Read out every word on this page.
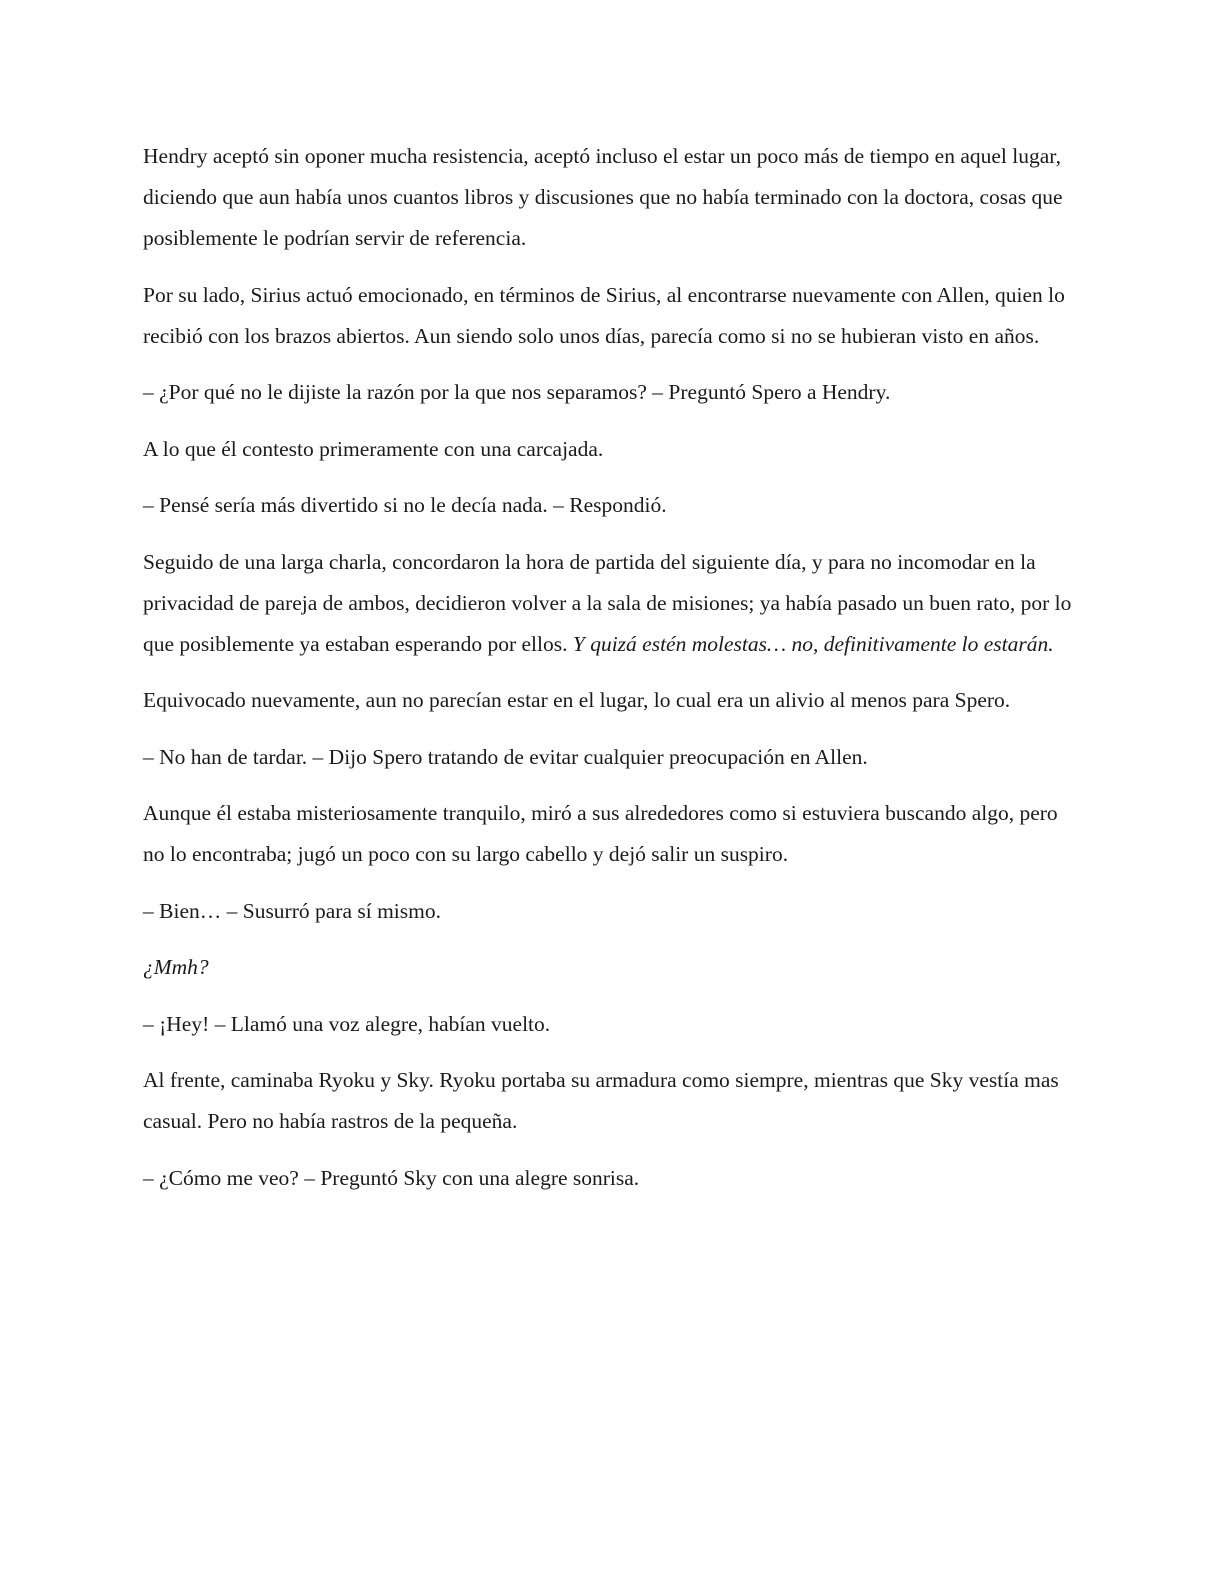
Hendry aceptó sin oponer mucha resistencia, aceptó incluso el estar un poco más de tiempo en aquel lugar, diciendo que aun había unos cuantos libros y discusiones que no había terminado con la doctora, cosas que posiblemente le podrían servir de referencia.

Por su lado, Sirius actuó emocionado, en términos de Sirius, al encontrarse nuevamente con Allen, quien lo recibió con los brazos abiertos. Aun siendo solo unos días, parecía como si no se hubieran visto en años.

– ¿Por qué no le dijiste la razón por la que nos separamos? – Preguntó Spero a Hendry.

A lo que él contesto primeramente con una carcajada.

– Pensé sería más divertido si no le decía nada. – Respondió.

Seguido de una larga charla, concordaron la hora de partida del siguiente día, y para no incomodar en la privacidad de pareja de ambos, decidieron volver a la sala de misiones; ya había pasado un buen rato, por lo que posiblemente ya estaban esperando por ellos. Y quizá estén molestas… no, definitivamente lo estarán.

Equivocado nuevamente, aun no parecían estar en el lugar, lo cual era un alivio al menos para Spero.

– No han de tardar. – Dijo Spero tratando de evitar cualquier preocupación en Allen.

Aunque él estaba misteriosamente tranquilo, miró a sus alrededores como si estuviera buscando algo, pero no lo encontraba; jugó un poco con su largo cabello y dejó salir un suspiro.

– Bien… – Susurró para sí mismo.

¿Mmh?

– ¡Hey! – Llamó una voz alegre, habían vuelto.

Al frente, caminaba Ryoku y Sky. Ryoku portaba su armadura como siempre, mientras que Sky vestía mas casual. Pero no había rastros de la pequeña.

– ¿Cómo me veo? – Preguntó Sky con una alegre sonrisa.
